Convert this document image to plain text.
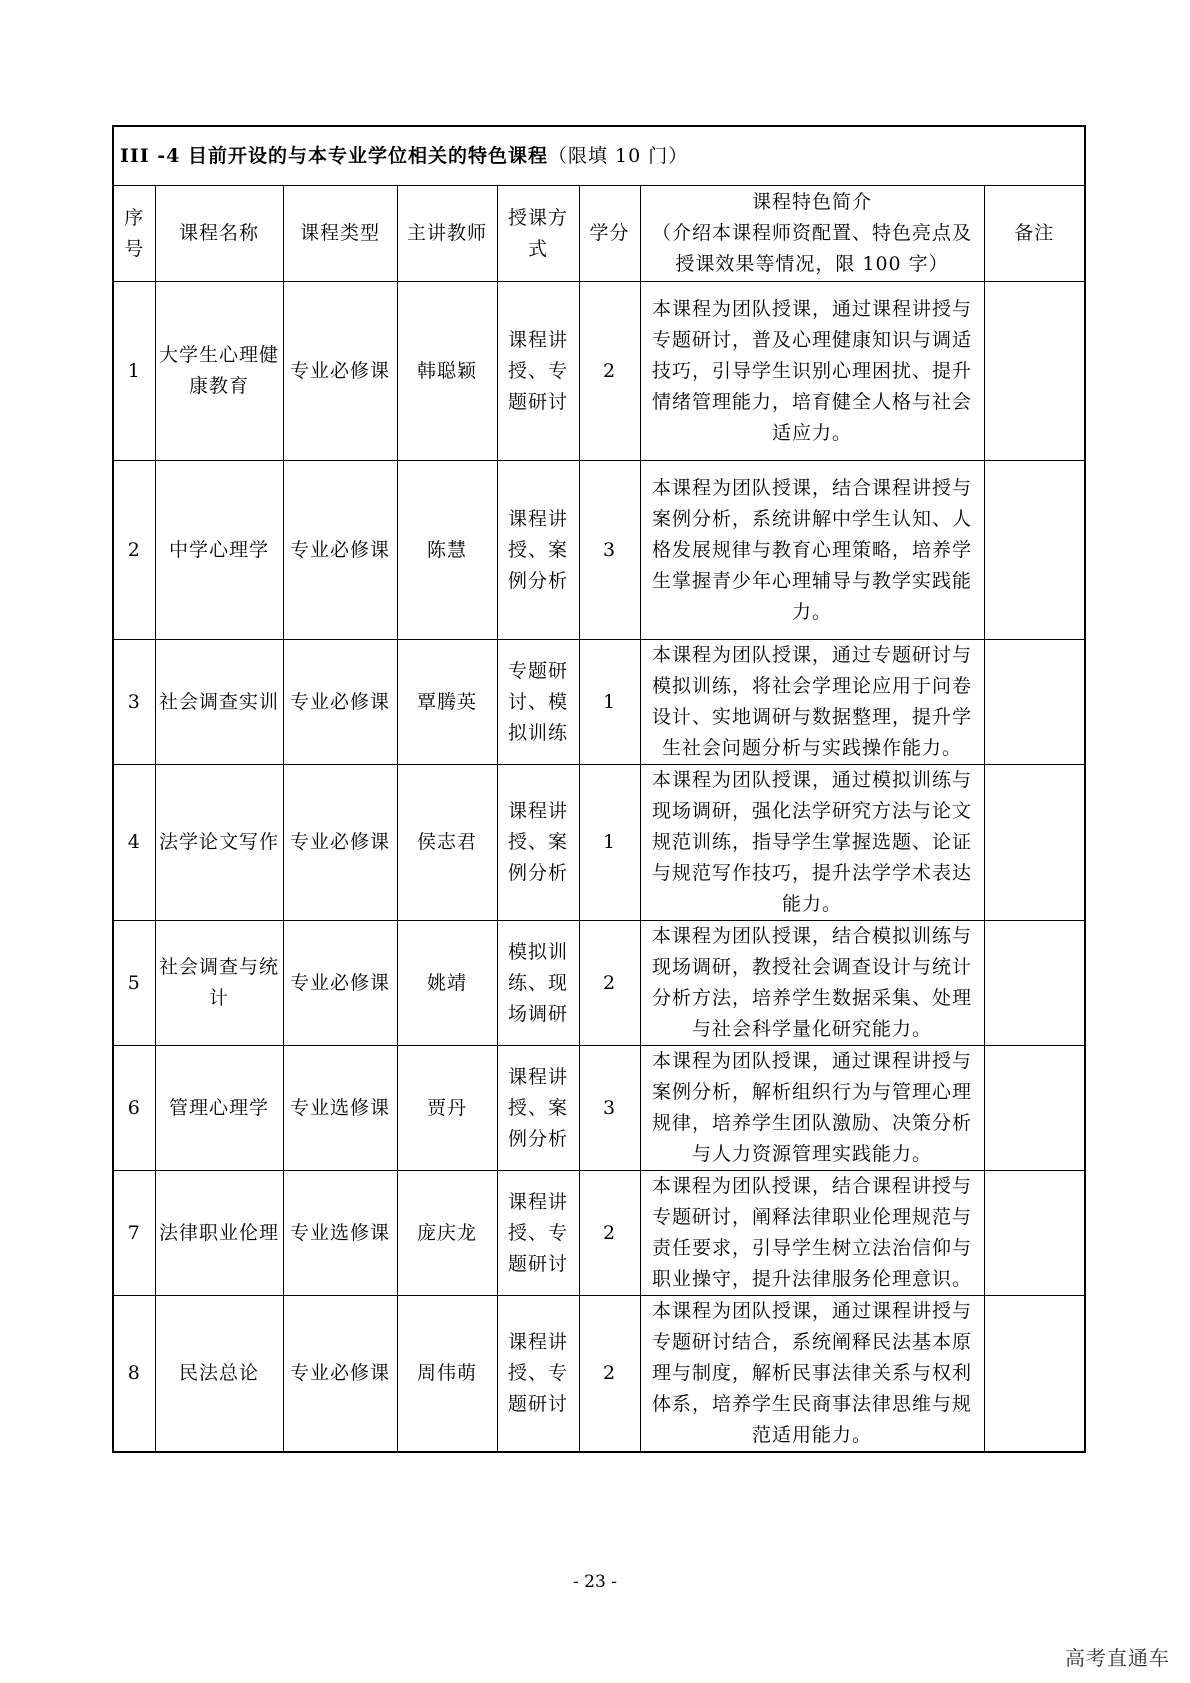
III -4 目前开设的与本专业学位相关的特色课程（限填 10 门）							
序号	课程名称	课程类型	主讲教师	授课方式	学分	课程特色简介
（介绍本课程师资配置、特色亮点及授课效果等情况，限 100 字）	备注
1	大学生心理健康教育	专业必修课	韩聪颖	课程讲授、专题研讨	2	本课程为团队授课，通过课程讲授与专题研讨，普及心理健康知识与调适技巧，引导学生识别心理困扰、提升情绪管理能力，培育健全人格与社会适应力。	
2	中学心理学	专业必修课	陈慧	课程讲授、案例分析	3	本课程为团队授课，结合课程讲授与案例分析，系统讲解中学生认知、人格发展规律与教育心理策略，培养学生掌握青少年心理辅导与教学实践能力。	
3	社会调查实训	专业必修课	覃腾英	专题研讨、模拟训练	1	本课程为团队授课，通过专题研讨与模拟训练，将社会学理论应用于问卷设计、实地调研与数据整理，提升学生社会问题分析与实践操作能力。	
4	法学论文写作	专业必修课	侯志君	课程讲授、案例分析	1	本课程为团队授课，通过模拟训练与现场调研，强化法学研究方法与论文规范训练，指导学生掌握选题、论证与规范写作技巧，提升法学学术表达能力。	
5	社会调查与统计	专业必修课	姚靖	模拟训练、现场调研	2	本课程为团队授课，结合模拟训练与现场调研，教授社会调查设计与统计分析方法，培养学生数据采集、处理与社会科学量化研究能力。	
6	管理心理学	专业选修课	贾丹	课程讲授、案例分析	3	本课程为团队授课，通过课程讲授与案例分析，解析组织行为与管理心理规律，培养学生团队激励、决策分析与人力资源管理实践能力。	
7	法律职业伦理	专业选修课	庞庆龙	课程讲授、专题研讨	2	本课程为团队授课，结合课程讲授与专题研讨，阐释法律职业伦理规范与责任要求，引导学生树立法治信仰与职业操守，提升法律服务伦理意识。	
8	民法总论	专业必修课	周伟萌	课程讲授、专题研讨	2	本课程为团队授课，通过课程讲授与专题研讨结合，系统阐释民法基本原理与制度，解析民事法律关系与权利体系，培养学生民商事法律思维与规范适用能力。	
- 23 -
高考直通车
